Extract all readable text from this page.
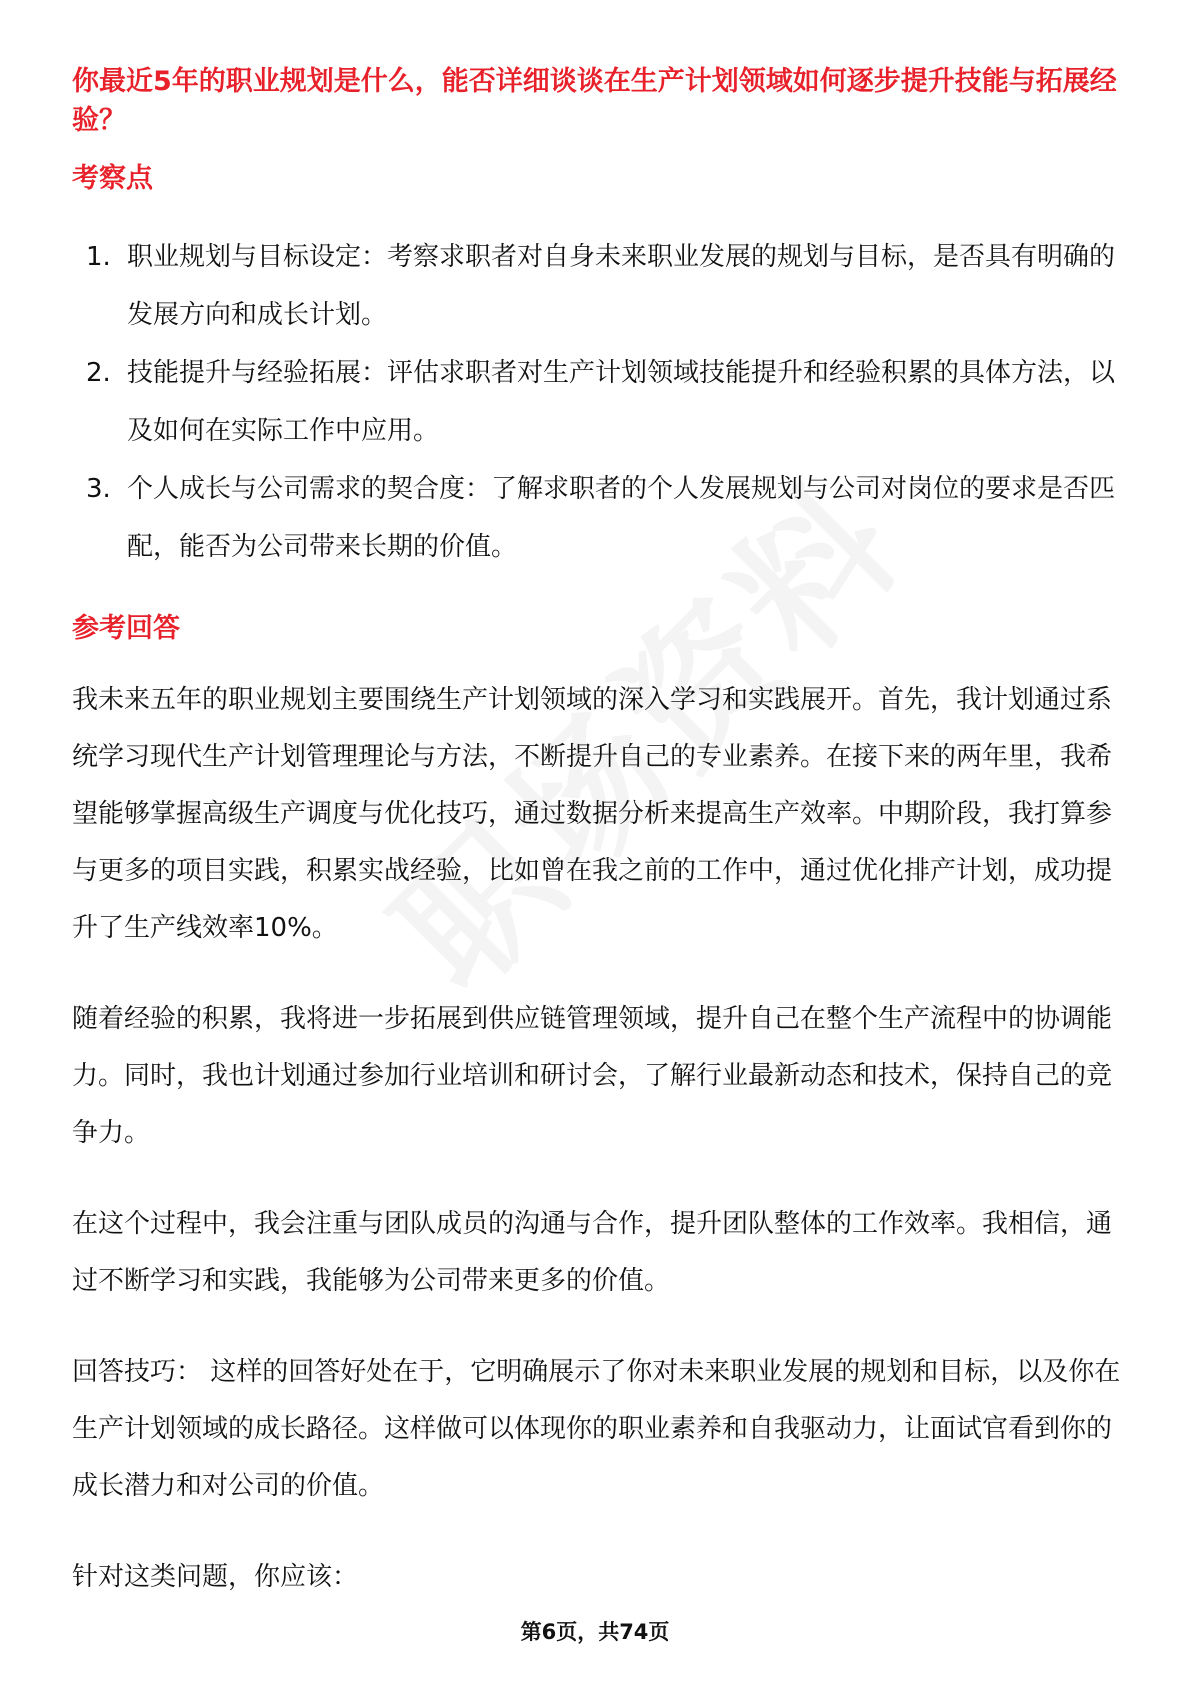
你最近5年的职业规划是什么，能否详细谈谈在生产计划领域如何逐步提升技能与拓展经验？
考察点
1. 职业规划与目标设定：考察求职者对自身未来职业发展的规划与目标，是否具有明确的发展方向和成长计划。
2. 技能提升与经验拓展：评估求职者对生产计划领域技能提升和经验积累的具体方法，以及如何在实际工作中应用。
3. 个人成长与公司需求的契合度：了解求职者的个人发展规划与公司对岗位的要求是否匹配，能否为公司带来长期的价值。
参考回答

我未来五年的职业规划主要围绕生产计划领域的深入学习和实践展开。首先，我计划通过系统学习现代生产计划管理理论与方法，不断提升自己的专业素养。在接下来的两年里，我希望能够掌握高级生产调度与优化技巧，通过数据分析来提高生产效率。中期阶段，我打算参与更多的项目实践，积累实战经验，比如曾在我之前的工作中，通过优化排产计划，成功提升了生产线效率10%。

随着经验的积累，我将进一步拓展到供应链管理领域，提升自己在整个生产流程中的协调能力。同时，我也计划通过参加行业培训和研讨会，了解行业最新动态和技术，保持自己的竞争力。

在这个过程中，我会注重与团队成员的沟通与合作，提升团队整体的工作效率。我相信，通过不断学习和实践，我能够为公司带来更多的价值。

回答技巧： 这样的回答好处在于，它明确展示了你对未来职业发展的规划和目标，以及你在生产计划领域的成长路径。这样做可以体现你的职业素养和自我驱动力，让面试官看到你的成长潜力和对公司的价值。

针对这类问题，你应该：

第6页，共74页
